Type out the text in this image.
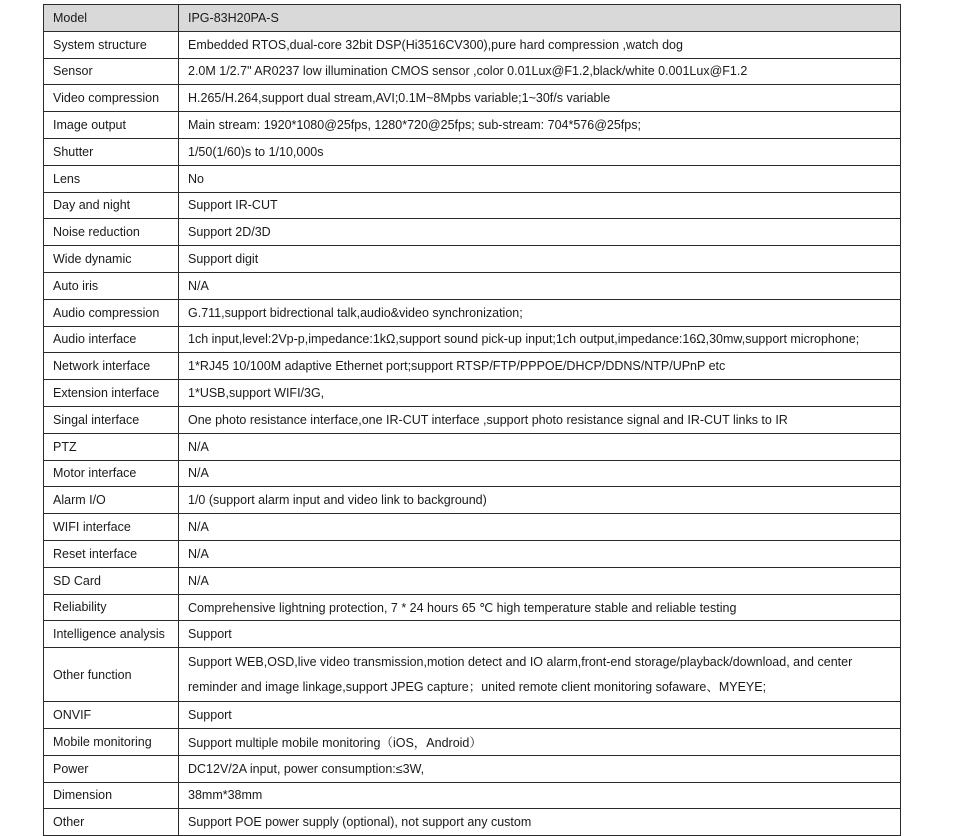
Model	IPG-83H20PA-S
System structure	Embedded RTOS,dual-core 32bit DSP(Hi3516CV300),pure hard compression ,watch dog
Sensor	2.0M 1/2.7" AR0237 low illumination CMOS sensor ,color 0.01Lux@F1.2,black/white 0.001Lux@F1.2
Video compression	H.265/H.264,support dual stream,AVI;0.1M~8Mpbs variable;1~30f/s variable
Image output	Main stream: 1920*1080@25fps, 1280*720@25fps; sub-stream: 704*576@25fps;
Shutter	1/50(1/60)s to 1/10,000s
Lens	No
Day and night	Support IR-CUT
Noise reduction	Support 2D/3D
Wide dynamic	Support digit
Auto iris	N/A
Audio compression	G.711,support bidrectional talk,audio&video synchronization;
Audio interface	1ch input,level:2Vp-p,impedance:1kΩ,support sound pick-up input;1ch output,impedance:16Ω,30mw,support microphone;
Network interface	1*RJ45 10/100M adaptive Ethernet port;support RTSP/FTP/PPPOE/DHCP/DDNS/NTP/UPnP etc
Extension interface	1*USB,support WIFI/3G,
Singal interface	One photo resistance interface,one IR-CUT interface ,support photo resistance signal and IR-CUT links to IR
PTZ	N/A
Motor interface	N/A
Alarm I/O	1/0 (support alarm input and video link to background)
WIFI interface	N/A
Reset interface	N/A
SD Card	N/A
Reliability	Comprehensive lightning protection, 7 * 24 hours 65 ℃ high temperature stable and reliable testing
Intelligence analysis	Support
Other function	Support WEB,OSD,live video transmission,motion detect and IO alarm,front-end storage/playback/download, and center
reminder and image linkage,support JPEG capture；united remote client monitoring sofaware、MYEYE;

ONVIF	Support
Mobile monitoring	Support multiple mobile monitoring（iOS，Android）
Power	DC12V/2A input, power consumption:≤3W,
Dimension	38mm*38mm
Other	Support POE power supply (optional), not support any custom
